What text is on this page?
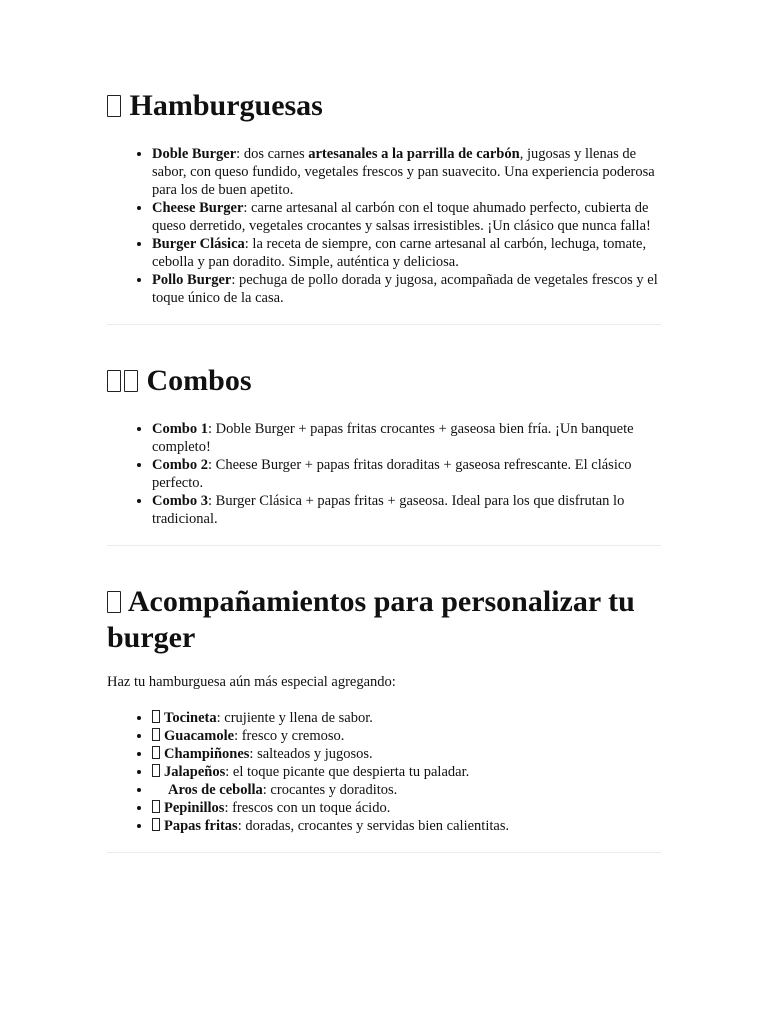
Hamburguesas
• Doble Burger: dos carnes artesanales a la parrilla de carbón, jugosas y llenas de sabor, con queso fundido, vegetales frescos y pan suavecito. Una experiencia poderosa para los de buen apetito.
• Cheese Burger: carne artesanal al carbón con el toque ahumado perfecto, cubierta de queso derretido, vegetales crocantes y salsas irresistibles. ¡Un clásico que nunca falla!
• Burger Clásica: la receta de siempre, con carne artesanal al carbón, lechuga, tomate, cebolla y pan doradito. Simple, auténtica y deliciosa.
• Pollo Burger: pechuga de pollo dorada y jugosa, acompañada de vegetales frescos y el toque único de la casa.
Combos
• Combo 1: Doble Burger + papas fritas crocantes + gaseosa bien fría. ¡Un banquete completo!
• Combo 2: Cheese Burger + papas fritas doraditas + gaseosa refrescante. El clásico perfecto.
• Combo 3: Burger Clásica + papas fritas + gaseosa. Ideal para los que disfrutan lo tradicional.
Acompañamientos para personalizar tu burger

Haz tu hamburguesa aún más especial agregando:

• Tocineta: crujiente y llena de sabor.
• Guacamole: fresco y cremoso.
• Champiñones: salteados y jugosos.
• Jalapeños: el toque picante que despierta tu paladar.
• Aros de cebolla: crocantes y doraditos.
• Pepinillos: frescos con un toque ácido.
• Papas fritas: doradas, crocantes y servidas bien calientitas.
